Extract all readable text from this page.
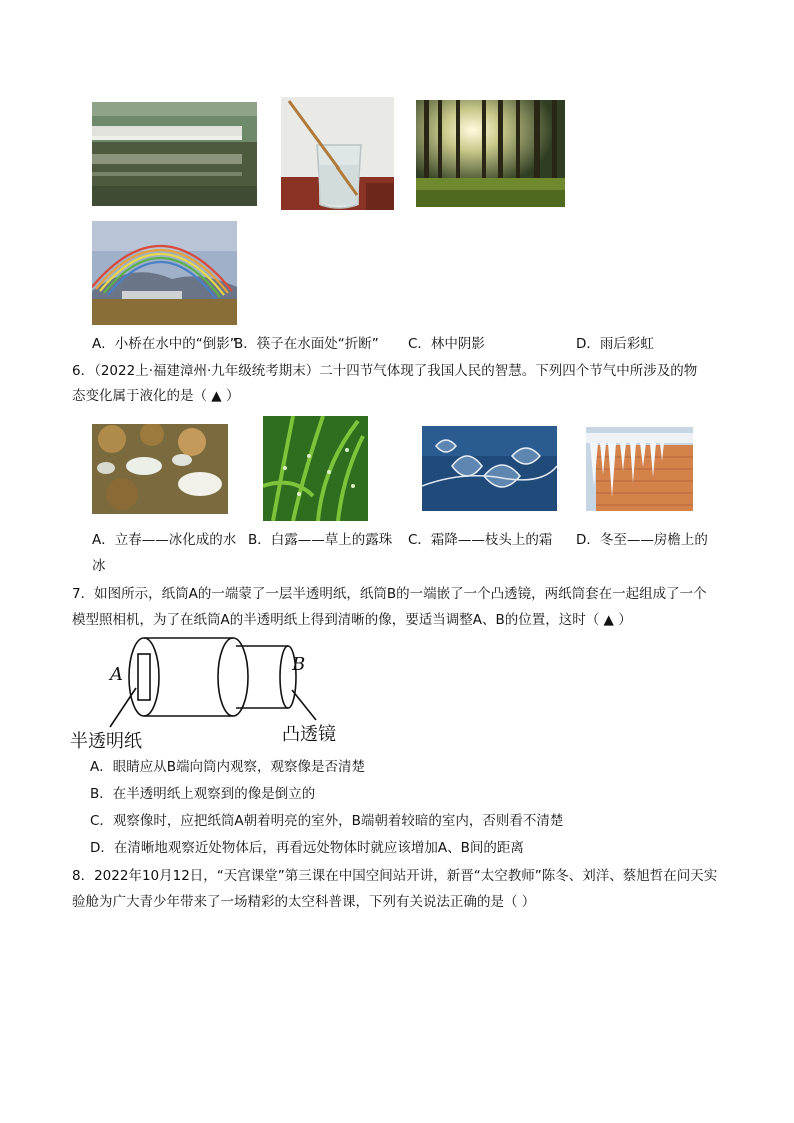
A．小桥在水中的“倒影”
B．筷子在水面处“折断” C．林中阴影	D．雨后彩虹
6．（2022上·福建漳州·九年级统考期末）二十四节气体现了我国人民的智慧。下列四个节气中所涉及的物
态变化属于液化的是（ ▲ ）
A．立春——冰化成的水 B．白露——草上的露珠 C．霜降——枝头上的霜 D．冬至——房檐上的
冰
7．如图所示，纸筒A的一端蒙了一层半透明纸，纸筒B的一端嵌了一个凸透镜，两纸筒套在一起组成了一个
模型照相机，为了在纸筒A的半透明纸上得到清晰的像，要适当调整A、B的位置，这时（ ▲ ）
A	B
半透明纸	凸透镜
A．眼睛应从B端向筒内观察，观察像是否清楚
B．在半透明纸上观察到的像是倒立的
C．观察像时，应把纸筒A朝着明亮的室外，B端朝着较暗的室内，否则看不清楚
D．在清晰地观察近处物体后，再看远处物体时就应该增加A、B间的距离
8．2022年10月12日，“天宫课堂”第三课在中国空间站开讲，新晋“太空教师”陈冬、刘洋、蔡旭哲在问天实
验舱为广大青少年带来了一场精彩的太空科普课，下列有关说法正确的是（ ）
